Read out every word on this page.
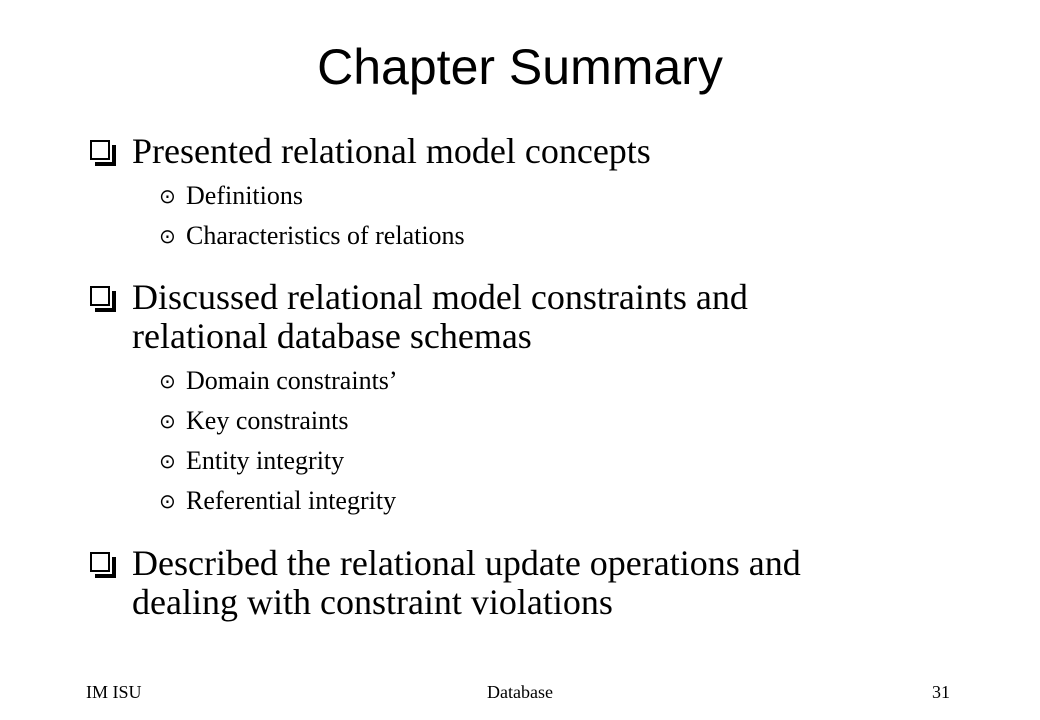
Chapter Summary
Presented relational model concepts
⊙ Definitions
⊙ Characteristics of relations
Discussed relational model constraints and
relational database schemas
⊙ Domain constraints’
⊙ Key constraints
⊙ Entity integrity
⊙ Referential integrity
Described the relational update operations and
dealing with constraint violations
IM ISU	Database	31
